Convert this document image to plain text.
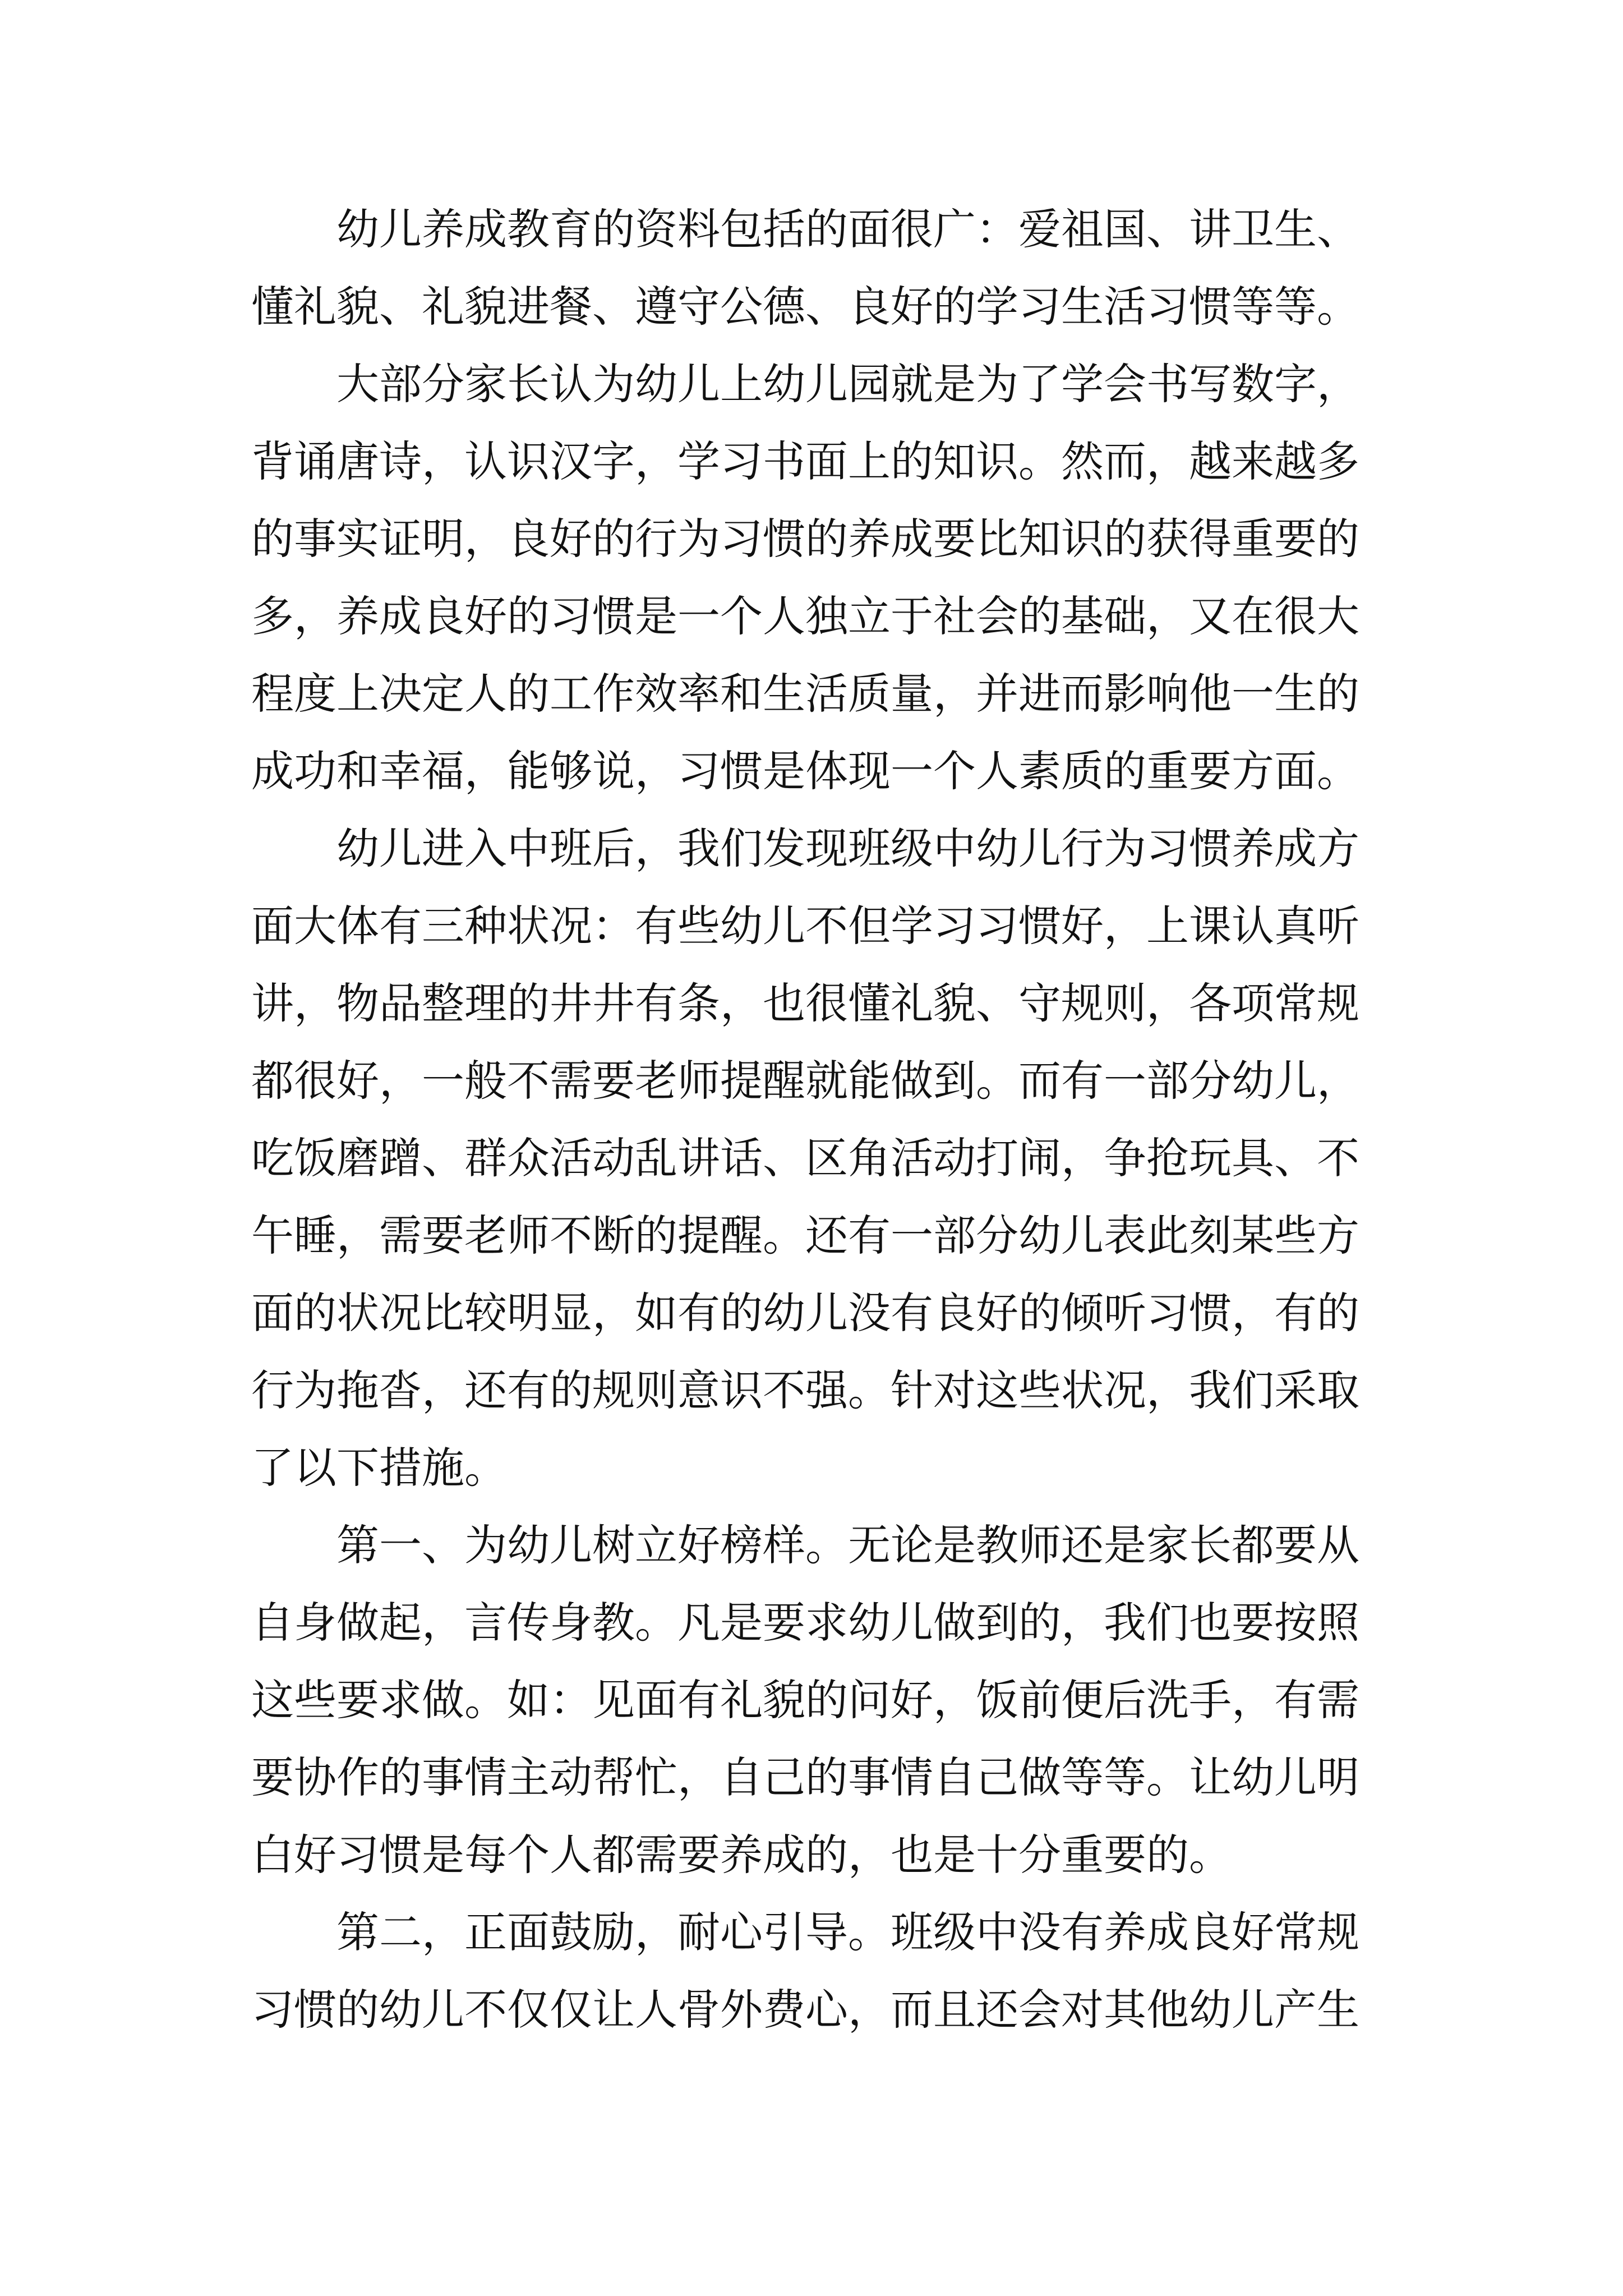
幼儿养成教育的资料包括的面很广：爱祖国、讲卫生、
懂礼貌、礼貌进餐、遵守公德、良好的学习生活习惯等等。
大部分家长认为幼儿上幼儿园就是为了学会书写数字，
背诵唐诗，认识汉字，学习书面上的知识。然而，越来越多
的事实证明，良好的行为习惯的养成要比知识的获得重要的
多，养成良好的习惯是一个人独立于社会的基础，又在很大
程度上决定人的工作效率和生活质量，并进而影响他一生的
成功和幸福，能够说，习惯是体现一个人素质的重要方面。
幼儿进入中班后，我们发现班级中幼儿行为习惯养成方
面大体有三种状况：有些幼儿不但学习习惯好，上课认真听
讲，物品整理的井井有条，也很懂礼貌、守规则，各项常规
都很好，一般不需要老师提醒就能做到。而有一部分幼儿，
吃饭磨蹭、群众活动乱讲话、区角活动打闹，争抢玩具、不
午睡，需要老师不断的提醒。还有一部分幼儿表此刻某些方
面的状况比较明显，如有的幼儿没有良好的倾听习惯，有的
行为拖沓，还有的规则意识不强。针对这些状况，我们采取
了以下措施。
第一、为幼儿树立好榜样。无论是教师还是家长都要从
自身做起，言传身教。凡是要求幼儿做到的，我们也要按照
这些要求做。如：见面有礼貌的问好，饭前便后洗手，有需
要协作的事情主动帮忙，自己的事情自己做等等。让幼儿明
白好习惯是每个人都需要养成的，也是十分重要的。
第二，正面鼓励，耐心引导。班级中没有养成良好常规
习惯的幼儿不仅仅让人骨外费心，而且还会对其他幼儿产生
